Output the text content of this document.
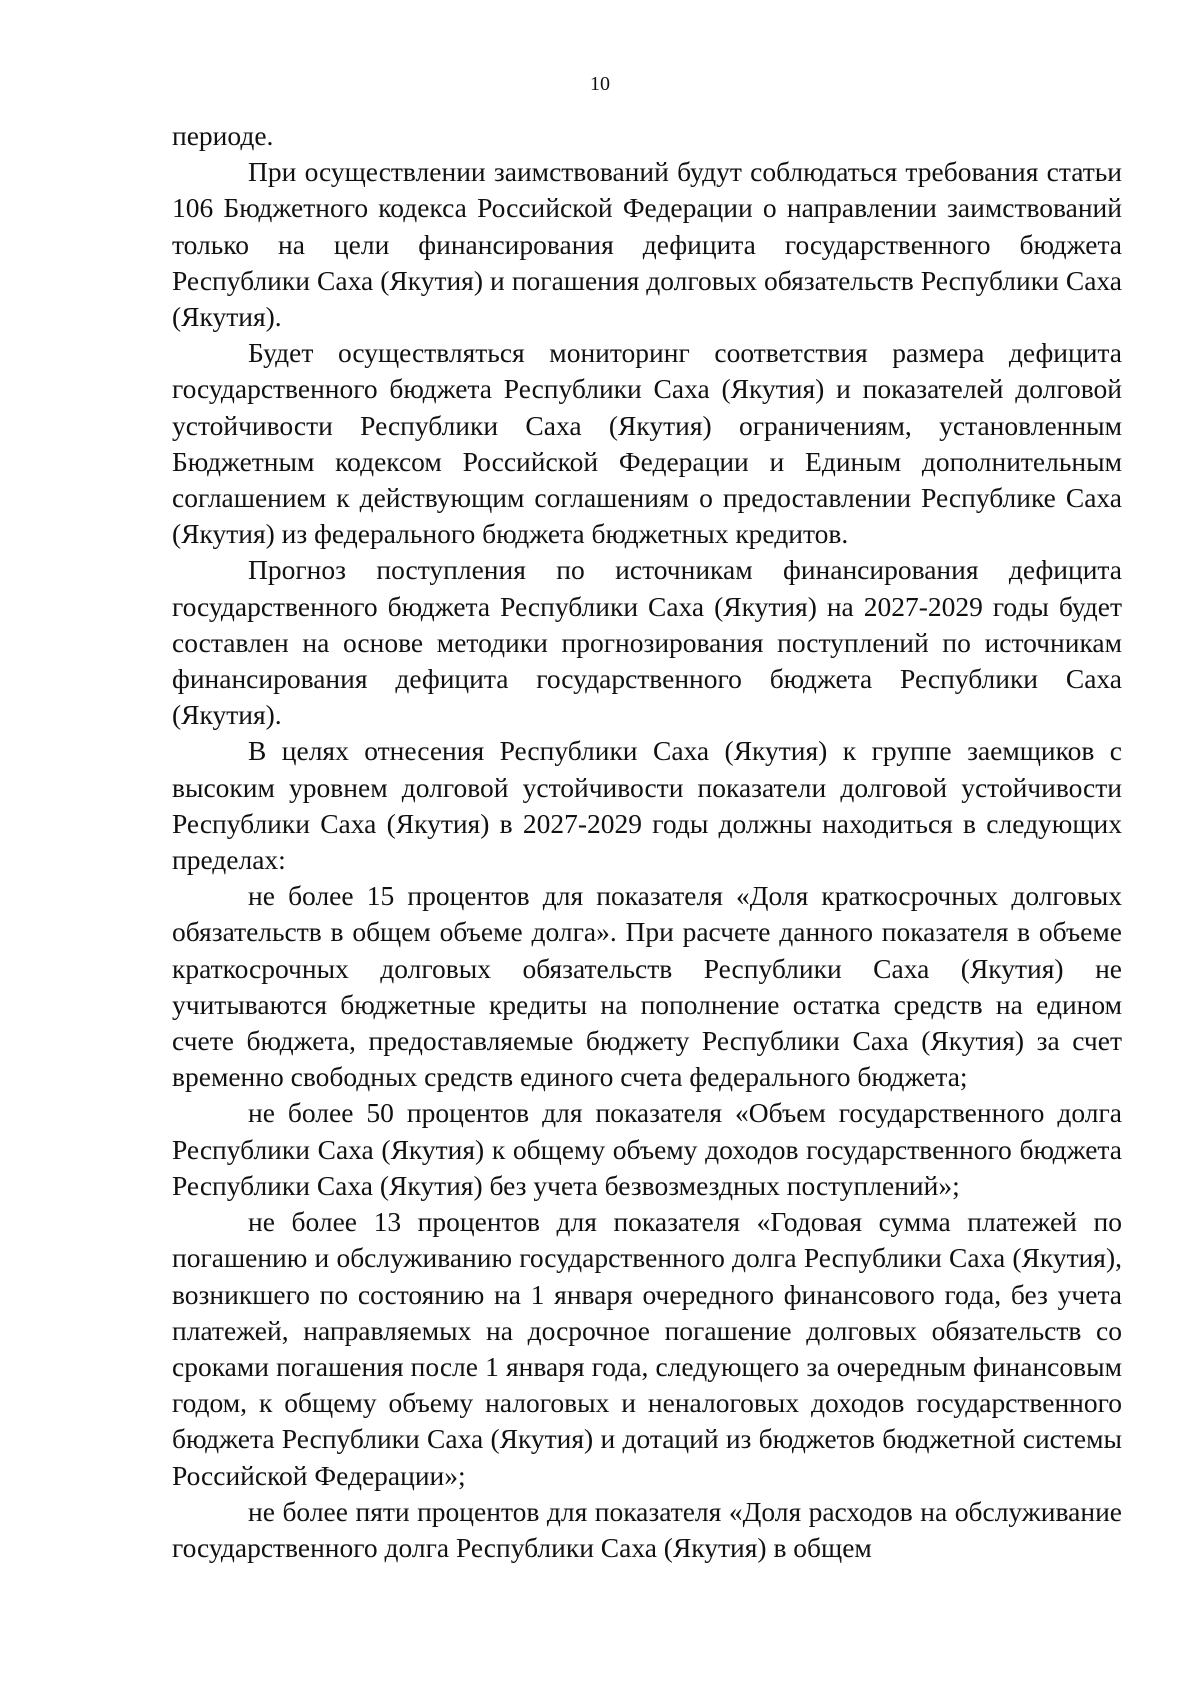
10

периоде.

При осуществлении заимствований будут соблюдаться требования статьи 106 Бюджетного кодекса Российской Федерации о направлении заимствований только на цели финансирования дефицита государственного бюджета Республики Саха (Якутия) и погашения долговых обязательств Республики Саха (Якутия).

Будет осуществляться мониторинг соответствия размера дефицита государственного бюджета Республики Саха (Якутия) и показателей долговой устойчивости Республики Саха (Якутия) ограничениям, установленным Бюджетным кодексом Российской Федерации и Единым дополнительным соглашением к действующим соглашениям о предоставлении Республике Саха (Якутия) из федерального бюджета бюджетных кредитов.

Прогноз поступления по источникам финансирования дефицита государственного бюджета Республики Саха (Якутия) на 2027-2029 годы будет составлен на основе методики прогнозирования поступлений по источникам финансирования дефицита государственного бюджета Республики Саха (Якутия).

В целях отнесения Республики Саха (Якутия) к группе заемщиков с высоким уровнем долговой устойчивости показатели долговой устойчивости Республики Саха (Якутия) в 2027-2029 годы должны находиться в следующих пределах:

не более 15 процентов для показателя «Доля краткосрочных долговых обязательств в общем объеме долга». При расчете данного показателя в объеме краткосрочных долговых обязательств Республики Саха (Якутия) не учитываются бюджетные кредиты на пополнение остатка средств на едином счете бюджета, предоставляемые бюджету Республики Саха (Якутия) за счет временно свободных средств единого счета федерального бюджета;

не более 50 процентов для показателя «Объем государственного долга Республики Саха (Якутия) к общему объему доходов государственного бюджета Республики Саха (Якутия) без учета безвозмездных поступлений»;

не более 13 процентов для показателя «Годовая сумма платежей по погашению и обслуживанию государственного долга Республики Саха (Якутия), возникшего по состоянию на 1 января очередного финансового года, без учета платежей, направляемых на досрочное погашение долговых обязательств со сроками погашения после 1 января года, следующего за очередным финансовым годом, к общему объему налоговых и неналоговых доходов государственного бюджета Республики Саха (Якутия) и дотаций из бюджетов бюджетной системы Российской Федерации»;

не более пяти процентов для показателя «Доля расходов на обслуживание государственного долга Республики Саха (Якутия) в общем
